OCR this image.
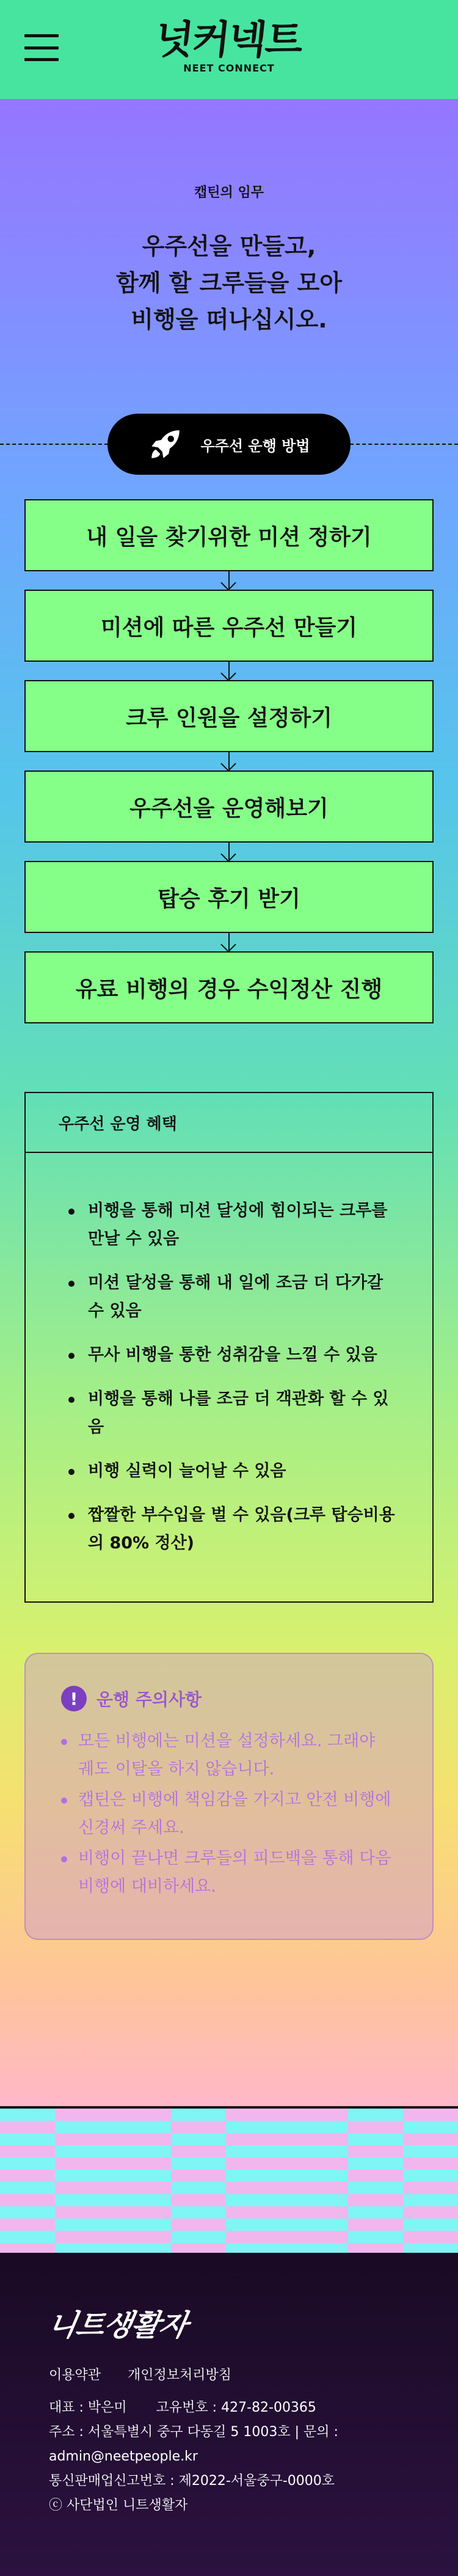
넛커넥트
NEET CONNECT
캡틴의 임무
우주선을 만들고,
함께 할 크루들을 모아
비행을 떠나십시오.
우주선 운행 방법
내 일을 찾기위한 미션 정하기
미션에 따른 우주선 만들기
크루 인원을 설정하기
우주선을 운영해보기
탑승 후기 받기
유료 비행의 경우 수익정산 진행
우주선 운영 혜택
비행을 통해 미션 달성에 힘이되는 크루를 만날 수 있음
미션 달성을 통해 내 일에 조금 더 다가갈 수 있음
무사 비행을 통한 성취감을 느낄 수 있음
비행을 통해 나를 조금 더 객관화 할 수 있음
비행 실력이 늘어날 수 있음
짭짤한 부수입을 벌 수 있음(크루 탑승비용의 80% 정산)
!	운행 주의사항
모든 비행에는 미션을 설정하세요. 그래야 궤도 이탈을 하지 않습니다.
캡틴은 비행에 책임감을 가지고 안전 비행에 신경써 주세요.
비행이 끝나면 크루들의 피드백을 통해 다음 비행에 대비하세요.
니트생활자
이용약관 개인정보처리방침
대표 : 박은미 고유번호 : 427-82-00365
주소 : 서울특별시 중구 다동길 5 1003호 | 문의 : admin@neetpeople.kr
통신판매업신고번호 : 제2022-서울중구-0000호
ⓒ 사단법인 니트생활자
